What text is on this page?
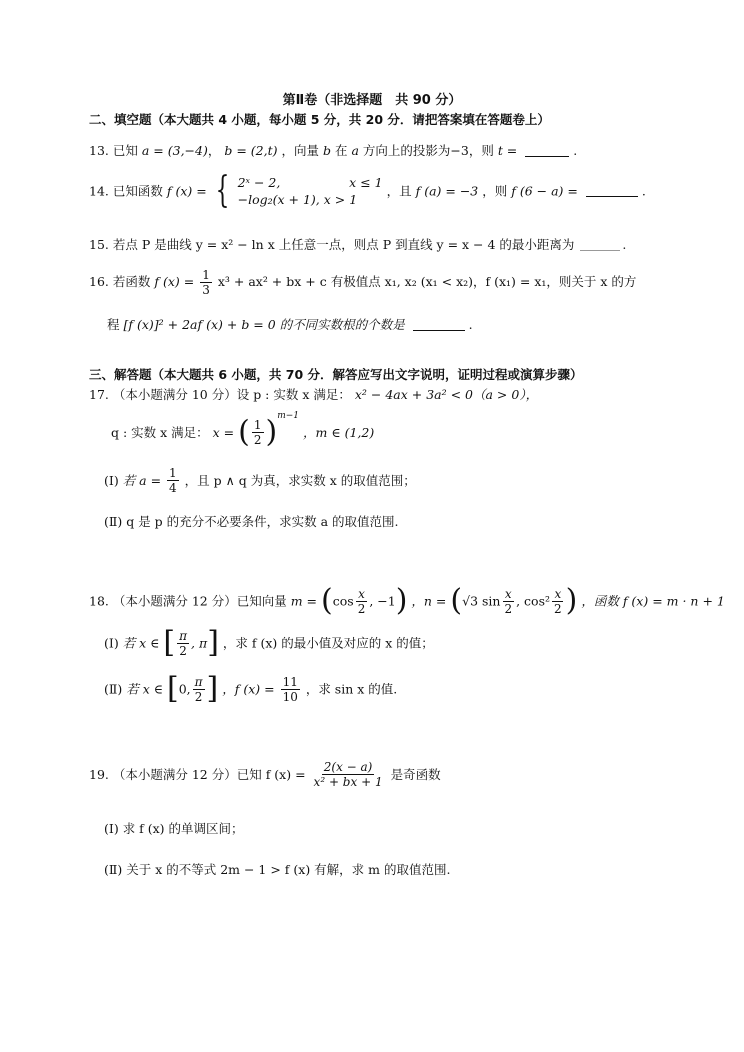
第Ⅱ卷（非选择题　共 90 分）
二、填空题（本大题共 4 小题，每小题 5 分，共 20 分．请把答案填在答题卷上）
13. 已知 a = (3,−4)， b = (2,t) ，向量 b 在 a 方向上的投影为−3，则 t =	.
14. 已知函数 f (x) = { 2ˣ − 2,	x ≤ 1
−log₂(x + 1), x > 1
，且 f (a) = −3 ，则 f (6 − a) =	.
15. 若点 P 是曲线 y = x² − ln x 上任意一点，则点 P 到直线 y = x − 4 的最小距离为	.
16. 若函数 f $(x) = \frac{1}{3} x^3 + ax^2$ + bx + c 有极值点 x₁, x₂ (x₁ < x₂)，f (x₁) = x₁，则关于 x 的方
程 [f (x)]² + 2af (x) + b = 0 的不同实数根的个数是	.
三、解答题（本大题共 6 小题，共 70 分．解答应写出文字说明，证明过程或演算步骤）
17. （本小题满分 10 分）设 p : 实数 x 满足： x² − 4ax + 3a² < 0（a > 0），
q : 实数 x 满足： x = ( $\frac{1}{2} )^{m-1}$ ，m ∈ (1,2)
(Ⅰ) 若 $a = \frac{1}{4}$ ，且 p ∧ q 为真，求实数 x 的取值范围；
(Ⅱ) q 是 p 的充分不必要条件，求实数 a 的取值范围.
18. （本小题满分 12 分）已知向量 $m = (\cos \frac{x}{2}$ , −1) ，n = (√3 $\sin \frac{x}{2}$ , $\cos^2 \frac{x}{2}$ ) ，函数 f (x) = m · n + 1
(Ⅰ) 若 x ∈ [ $\frac{\pi}{2}$ , π] ，求 f (x) 的最小值及对应的 x 的值；
(Ⅱ) 若 x ∈ [0, $\frac{\pi}{2}$ ] ，f $(x) = \frac{11}{10}$ ，求 sin x 的值.
19. （本小题满分 12 分）已知 f $(x) = \frac{2(x - a)}{\text{x² + bx + 1}}$ 是奇函数
(Ⅰ) 求 f (x) 的单调区间；
(Ⅱ) 关于 x 的不等式 2m − 1 > f (x) 有解，求 m 的取值范围.
